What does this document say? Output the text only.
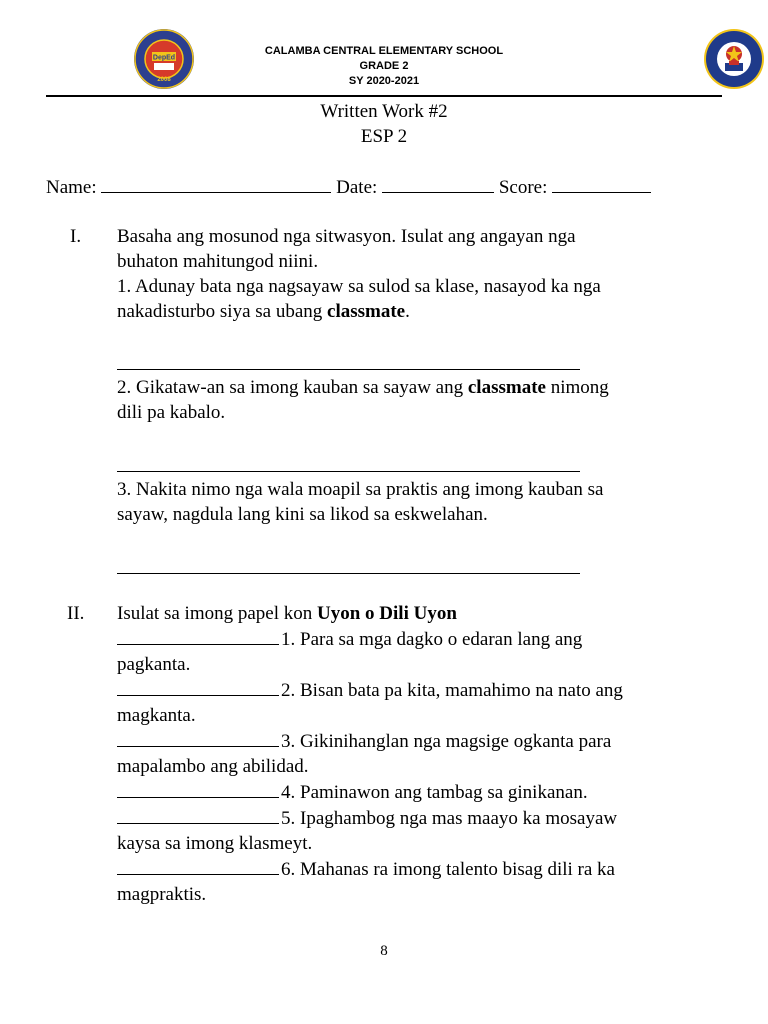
DepEd
2008
CALAMBA CENTRAL ELEMENTARY SCHOOL
GRADE 2
SY 2020-2021
Written Work #2
ESP 2
Name:	Date:	Score:
I. Basaha ang mosunod nga sitwasyon. Isulat ang angayan nga
buhaton mahitungod niini.
1. Adunay bata nga nagsayaw sa sulod sa klase, nasayod ka nga
nakadisturbo siya sa ubang classmate.
2. Gikataw-an sa imong kauban sa sayaw ang classmate nimong
dili pa kabalo.
3. Nakita nimo nga wala moapil sa praktis ang imong kauban sa
sayaw, nagdula lang kini sa likod sa eskwelahan.
II. Isulat sa imong papel kon Uyon o Dili Uyon
1. Para sa mga dagko o edaran lang ang
pagkanta.
2. Bisan bata pa kita, mamahimo na nato ang
magkanta.
3. Gikinihanglan nga magsige ogkanta para
mapalambo ang abilidad.
4. Paminawon ang tambag sa ginikanan.
5. Ipaghambog nga mas maayo ka mosayaw
kaysa sa imong klasmeyt.
6. Mahanas ra imong talento bisag dili ra ka
magpraktis.
8
